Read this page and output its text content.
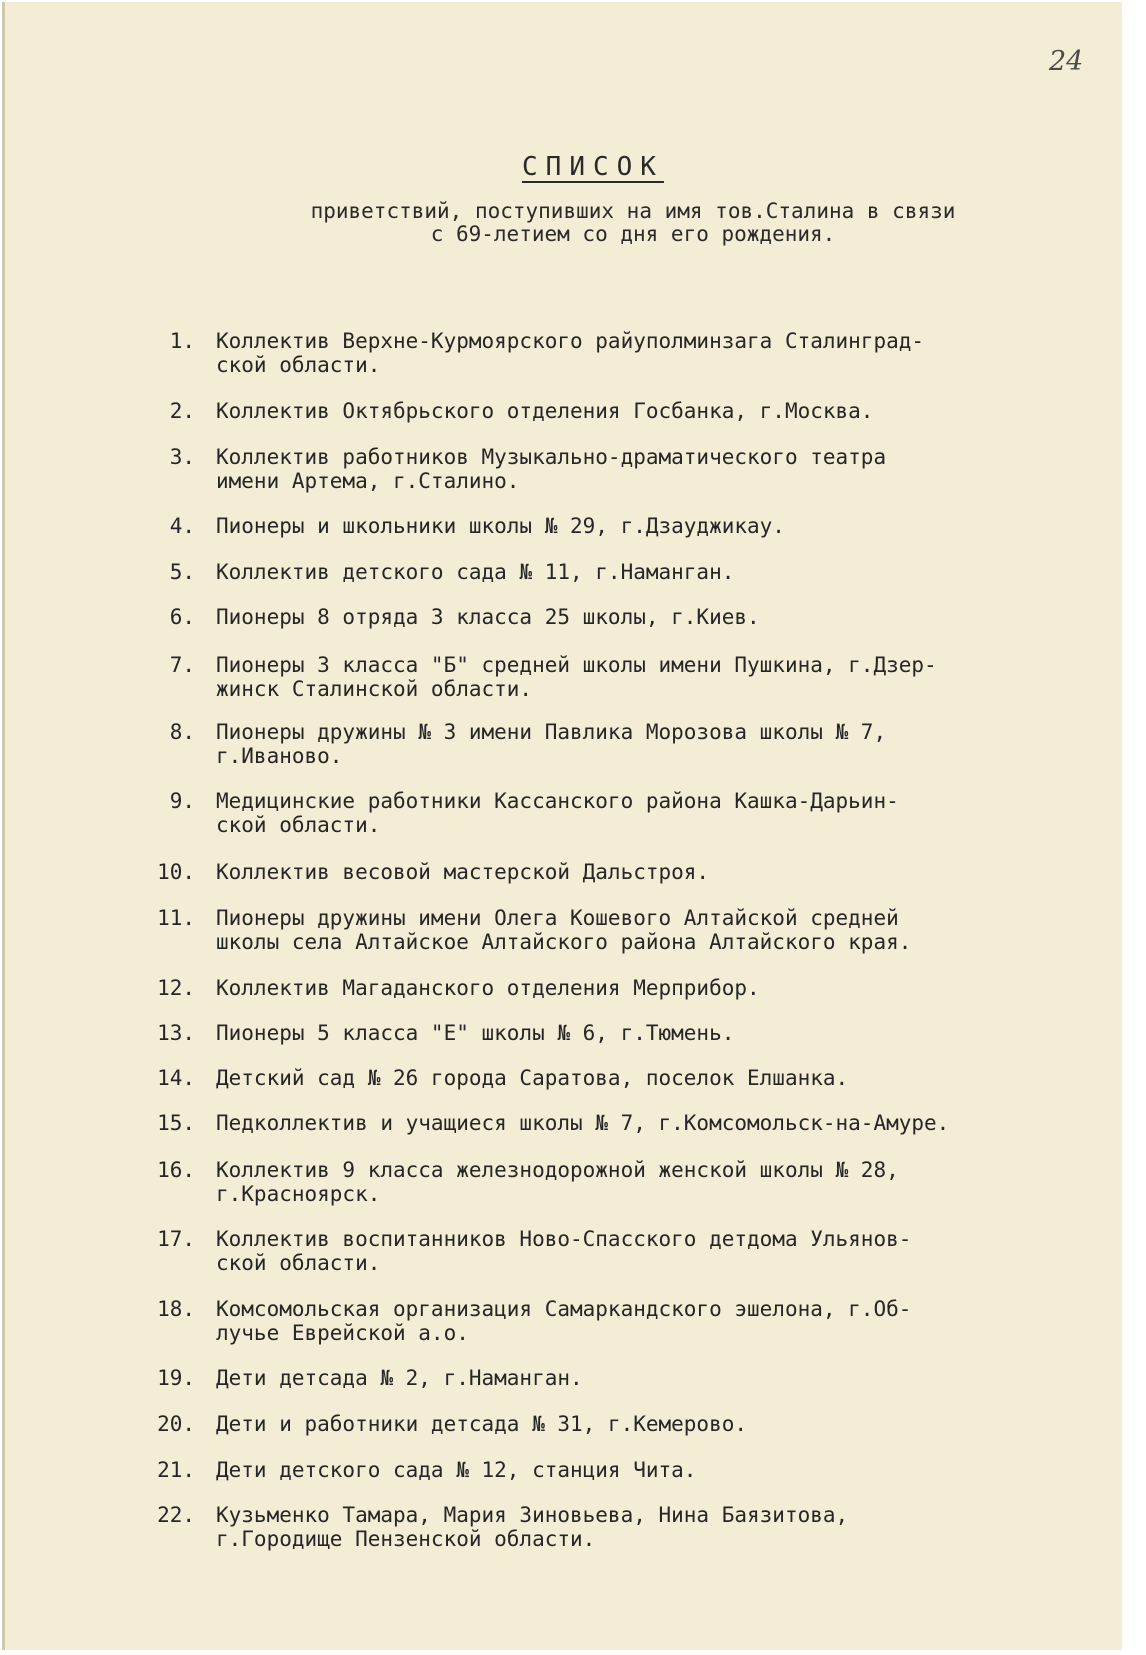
24
СПИСОК
приветствий, поступивших на имя тов.Сталина в связи
с 69-летием со дня его рождения.
1. Коллектив Верхне-Курмоярского райуполминзага Сталинград-
ской области.
2. Коллектив Октябрьского отделения Госбанка, г.Москва.
3. Коллектив работников Музыкально-драматического театра
имени Артема, г.Сталино.
4. Пионеры и школьники школы № 29, г.Дзауджикау.
5. Коллектив детского сада № 11, г.Наманган.
6. Пионеры 8 отряда 3 класса 25 школы, г.Киев.
7. Пионеры 3 класса "Б" средней школы имени Пушкина, г.Дзер-
жинск Сталинской области.
8. Пионеры дружины № 3 имени Павлика Морозова школы № 7,
г.Иваново.
9. Медицинские работники Кассанского района Кашка-Дарьин-
ской области.
10. Коллектив весовой мастерской Дальстроя.
11. Пионеры дружины имени Олега Кошевого Алтайской средней
школы села Алтайское Алтайского района Алтайского края.
12. Коллектив Магаданского отделения Мерприбор.
13. Пионеры 5 класса "Е" школы № 6, г.Тюмень.
14. Детский сад № 26 города Саратова, поселок Елшанка.
15. Педколлектив и учащиеся школы № 7, г.Комсомольск-на-Амуре.
16. Коллектив 9 класса железнодорожной женской школы № 28,
г.Красноярск.
17. Коллектив воспитанников Ново-Спасского детдома Ульянов-
ской области.
18. Комсомольская организация Самаркандского эшелона, г.Об-
лучье Еврейской а.о.
19. Дети детсада № 2, г.Наманган.
20. Дети и работники детсада № 31, г.Кемерово.
21. Дети детского сада № 12, станция Чита.
22. Кузьменко Тамара, Мария Зиновьева, Нина Баязитова,
г.Городище Пензенской области.
